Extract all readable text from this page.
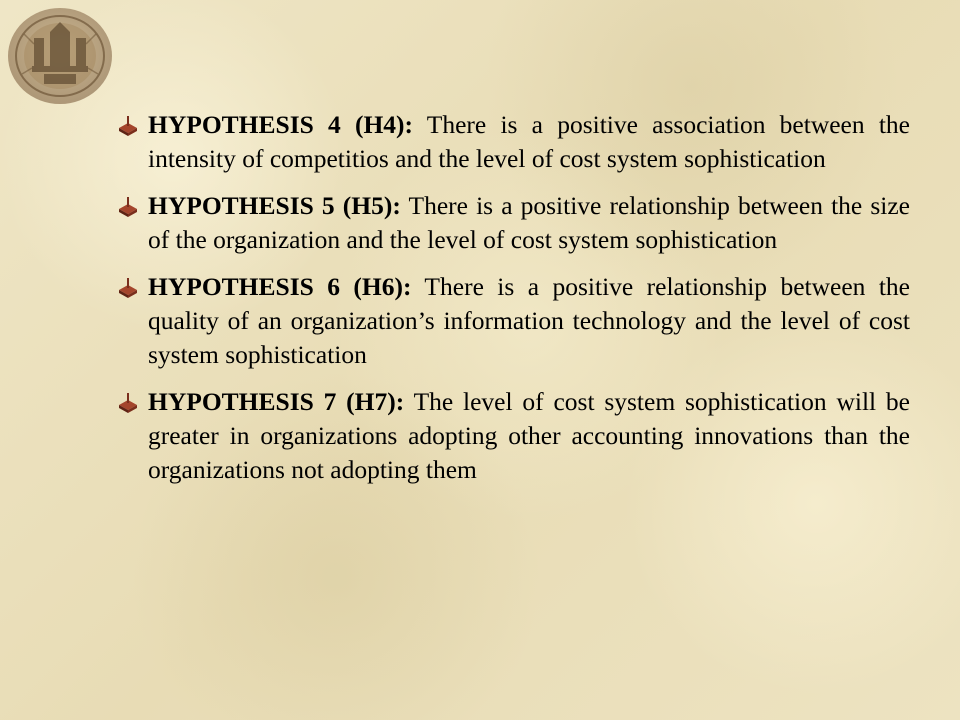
HYPOTHESIS 4 (H4): There is a positive association between the intensity of competitios and the level of cost system sophistication

HYPOTHESIS 5 (H5): There is a positive relationship between the size of the organization and the level of cost system sophistication

HYPOTHESIS 6 (H6): There is a positive relationship between the quality of an organization’s information technology and the level of cost system sophistication

HYPOTHESIS 7 (H7): The level of cost system sophistication will be greater in organizations adopting other accounting innovations than the organizations not adopting them
